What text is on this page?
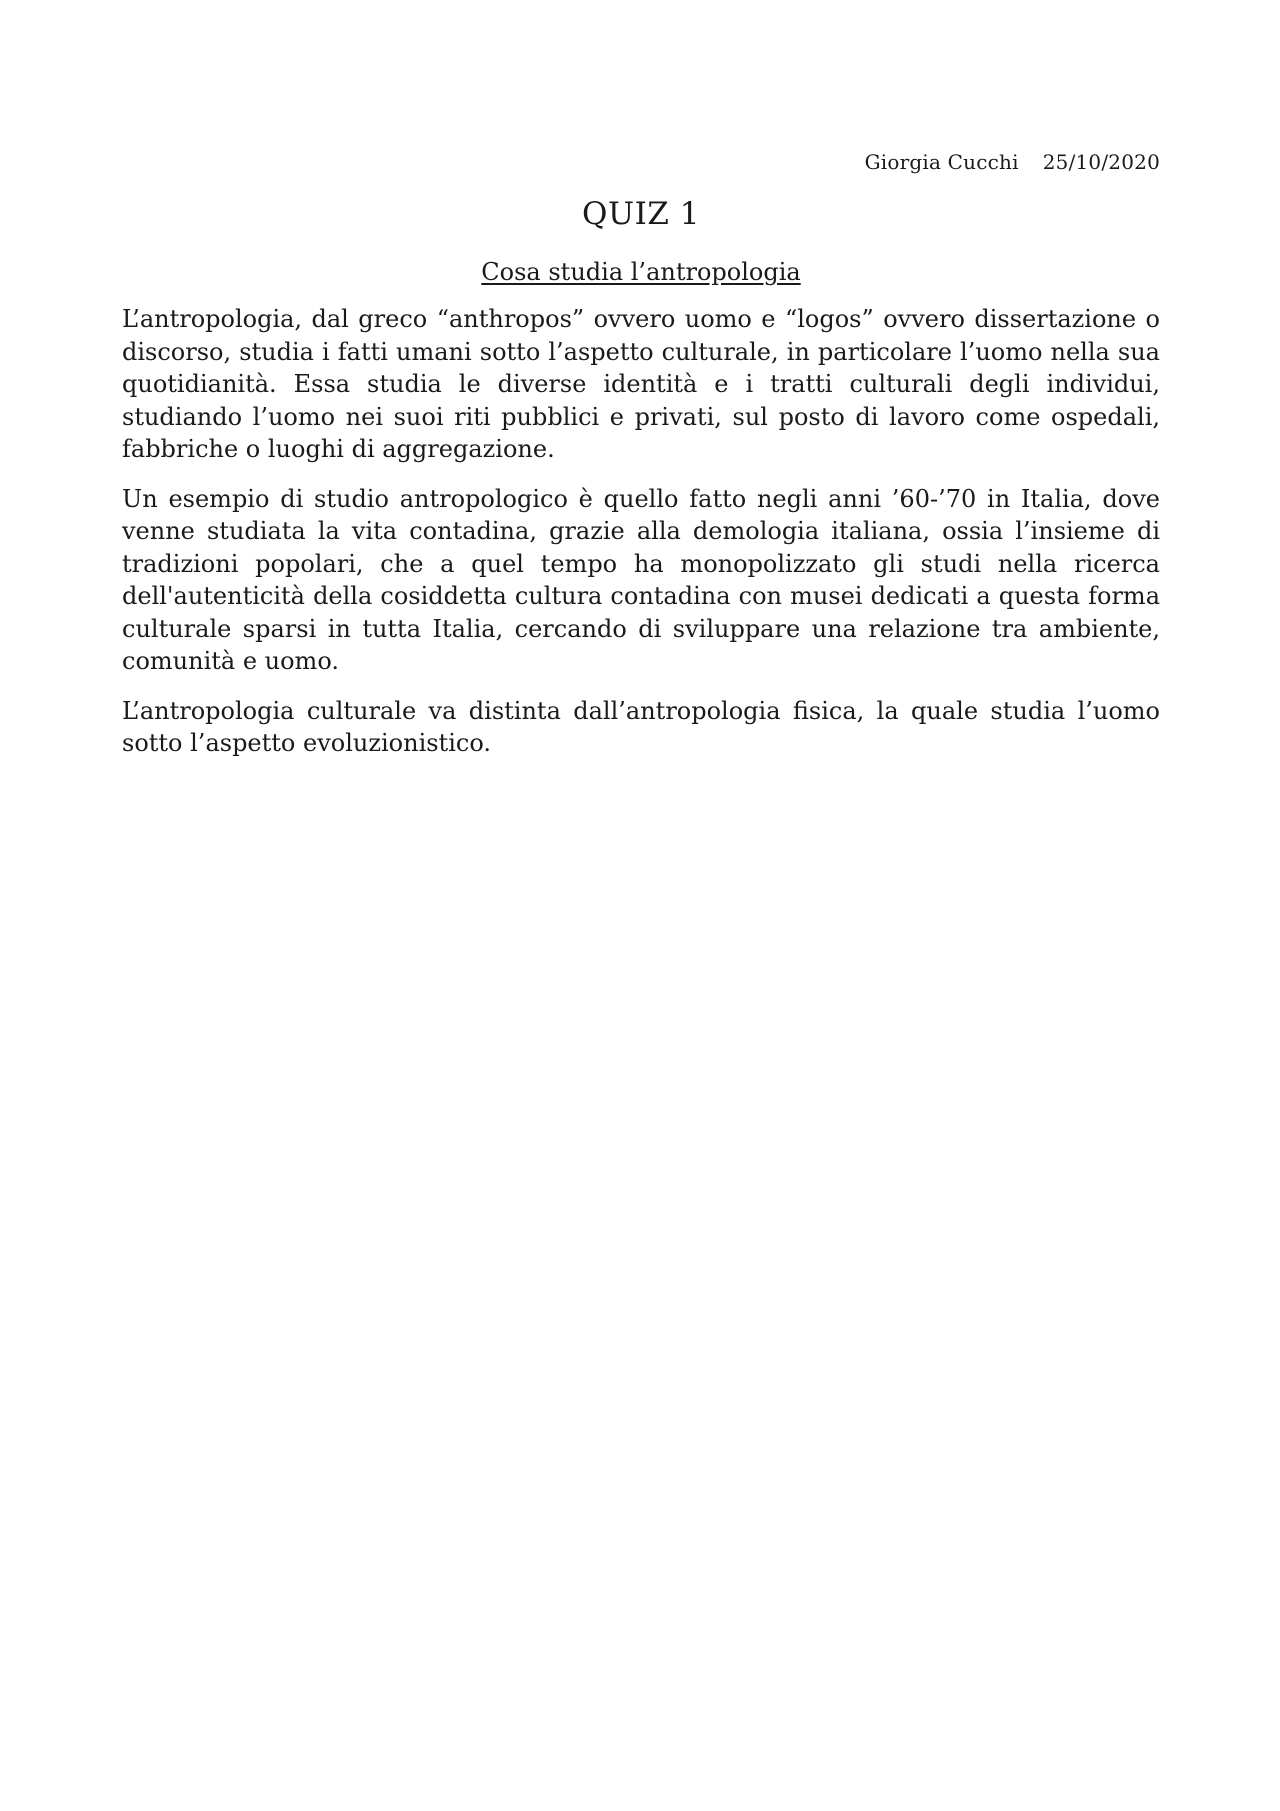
Giorgia Cucchi 25/10/2020
QUIZ 1
Cosa studia l’antropologia

L’antropologia, dal greco “anthropos” ovvero uomo e “logos” ovvero dissertazione o discorso, studia i fatti umani sotto l’aspetto culturale, in particolare l’uomo nella sua quotidianità. Essa studia le diverse identità e i tratti culturali degli individui, studiando l’uomo nei suoi riti pubblici e privati, sul posto di lavoro come ospedali, fabbriche o luoghi di aggregazione.

Un esempio di studio antropologico è quello fatto negli anni ’60-’70 in Italia, dove venne studiata la vita contadina, grazie alla demologia italiana, ossia l’insieme di tradizioni popolari, che a quel tempo ha monopolizzato gli studi nella ricerca dell'autenticità della cosiddetta cultura contadina con musei dedicati a questa forma culturale sparsi in tutta Italia, cercando di sviluppare una relazione tra ambiente, comunità e uomo.

L’antropologia culturale va distinta dall’antropologia fisica, la quale studia l’uomo sotto l’aspetto evoluzionistico.
